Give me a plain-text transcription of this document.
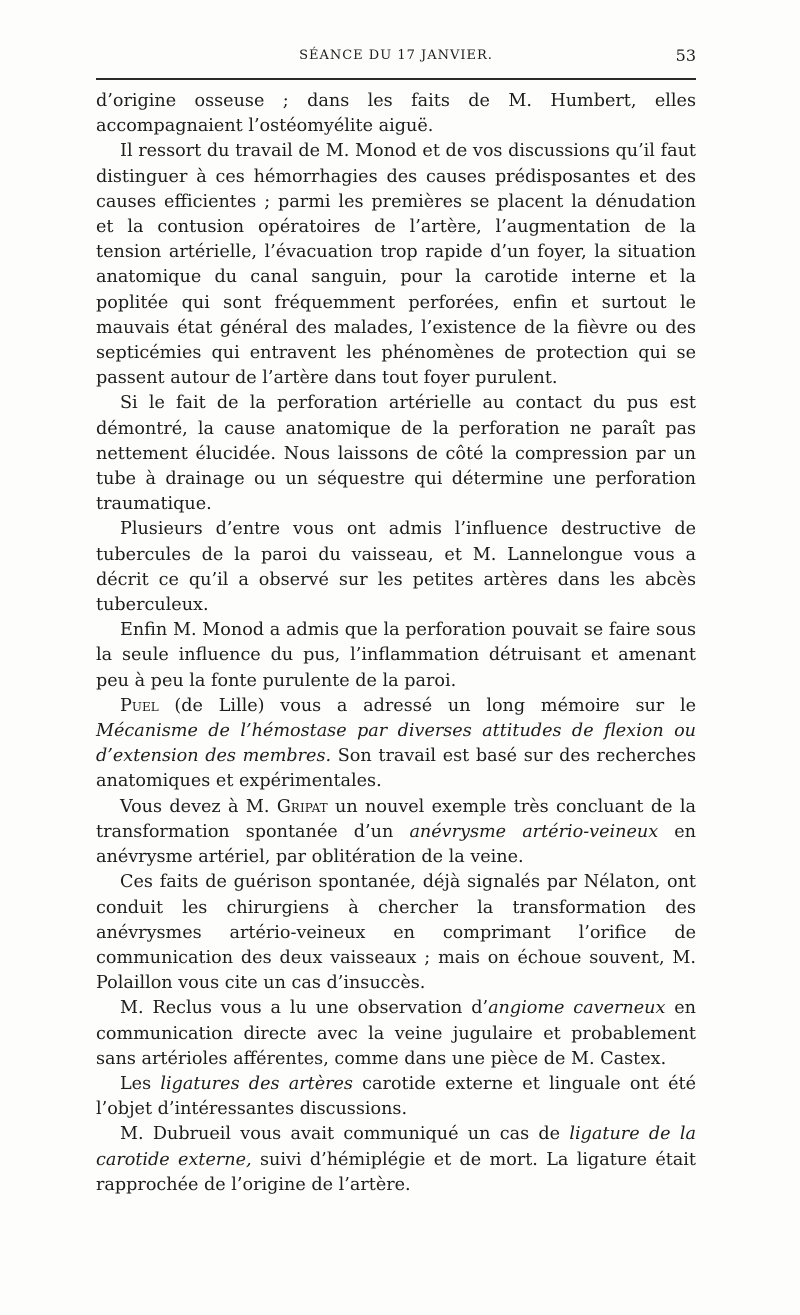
SÉANCE DU 17 JANVIER.	53

d’origine osseuse ; dans les faits de M. Humbert, elles accompagnaient l’ostéomyélite aiguë.

Il ressort du travail de M. Monod et de vos discussions qu’il faut distinguer à ces hémorrhagies des causes prédisposantes et des causes efficientes ; parmi les premières se placent la dénudation et la contusion opératoires de l’artère, l’augmentation de la tension artérielle, l’évacuation trop rapide d’un foyer, la situation anatomique du canal sanguin, pour la carotide interne et la poplitée qui sont fréquemment perforées, enfin et surtout le mauvais état général des malades, l’existence de la fièvre ou des septicémies qui entravent les phénomènes de protection qui se passent autour de l’artère dans tout foyer purulent.

Si le fait de la perforation artérielle au contact du pus est démontré, la cause anatomique de la perforation ne paraît pas nettement élucidée. Nous laissons de côté la compression par un tube à drainage ou un séquestre qui détermine une perforation traumatique.

Plusieurs d’entre vous ont admis l’influence destructive de tubercules de la paroi du vaisseau, et M. Lannelongue vous a décrit ce qu’il a observé sur les petites artères dans les abcès tuberculeux.

Enfin M. Monod a admis que la perforation pouvait se faire sous la seule influence du pus, l’inflammation détruisant et amenant peu à peu la fonte purulente de la paroi.

Puel (de Lille) vous a adressé un long mémoire sur le Mécanisme de l’hémostase par diverses attitudes de flexion ou d’extension des membres. Son travail est basé sur des recherches anatomiques et expérimentales.

Vous devez à M. Gripat un nouvel exemple très concluant de la transformation spontanée d’un anévrysme artério-veineux en anévrysme artériel, par oblitération de la veine.

Ces faits de guérison spontanée, déjà signalés par Nélaton, ont conduit les chirurgiens à chercher la transformation des anévrysmes artério-veineux en comprimant l’orifice de communication des deux vaisseaux ; mais on échoue souvent, M. Polaillon vous cite un cas d’insuccès.

M. Reclus vous a lu une observation d’angiome caverneux en communication directe avec la veine jugulaire et probablement sans artérioles afférentes, comme dans une pièce de M. Castex.

Les ligatures des artères carotide externe et linguale ont été l’objet d’intéressantes discussions.

M. Dubrueil vous avait communiqué un cas de ligature de la carotide externe, suivi d’hémiplégie et de mort. La ligature était rapprochée de l’origine de l’artère.
